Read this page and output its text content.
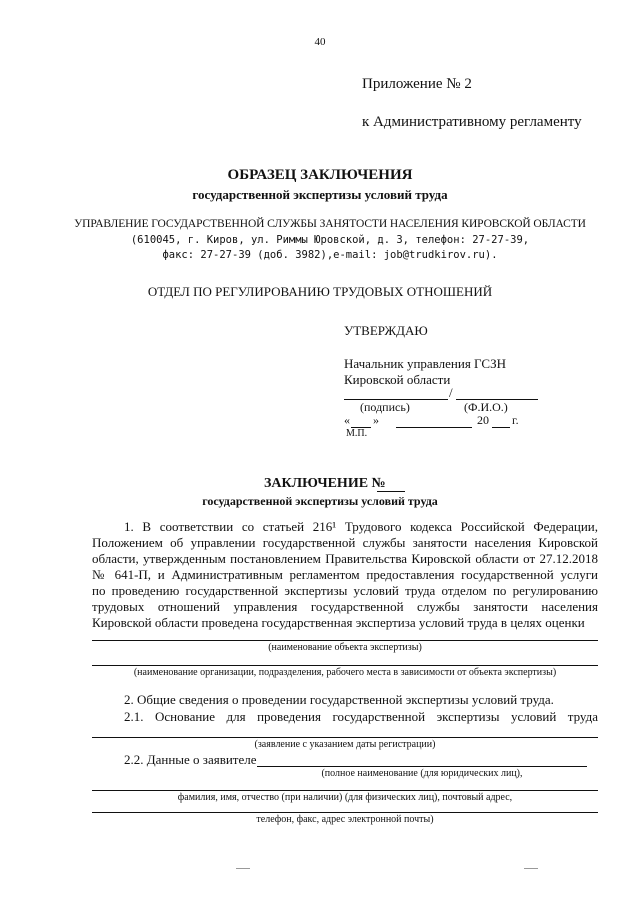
40
Приложение № 2
к Административному регламенту
ОБРАЗЕЦ ЗАКЛЮЧЕНИЯ
государственной экспертизы условий труда
УПРАВЛЕНИЕ ГОСУДАРСТВЕННОЙ СЛУЖБЫ ЗАНЯТОСТИ НАСЕЛЕНИЯ КИРОВСКОЙ ОБЛАСТИ
(610045, г. Киров, ул. Риммы Юровской, д. 3, телефон: 27-27-39,
факс: 27-27-39 (доб. 3982),e-mail: job@trudkirov.ru).
ОТДЕЛ ПО РЕГУЛИРОВАНИЮ ТРУДОВЫХ ОТНОШЕНИЙ
УТВЕРЖДАЮ
Начальник управления ГСЗН
Кировской области
/
(подпись)	(Ф.И.О.)
« »	20 г.
М.П.
ЗАКЛЮЧЕНИЕ №
государственной экспертизы условий труда
1. В соответствии со статьей 216¹ Трудового кодекса Российской Федерации,
Положением об управлении государственной службы занятости населения Кировской
области, утвержденным постановлением Правительства Кировской области от 27.12.2018
№ 641-П, и Административным регламентом предоставления государственной услуги
по проведению государственной экспертизы условий труда отделом по регулированию
трудовых отношений управления государственной службы занятости населения
Кировской области проведена государственная экспертиза условий труда в целях оценки
(наименование объекта экспертизы)
(наименование организации, подразделения, рабочего места в зависимости от объекта экспертизы)
2. Общие сведения о проведении государственной экспертизы условий труда.
2.1. Основание для проведения государственной экспертизы условий труда
(заявление с указанием даты регистрации)
2.2. Данные о заявителе
(полное наименование (для юридических лиц),
фамилия, имя, отчество (при наличии) (для физических лиц), почтовый адрес,
телефон, факс, адрес электронной почты)
